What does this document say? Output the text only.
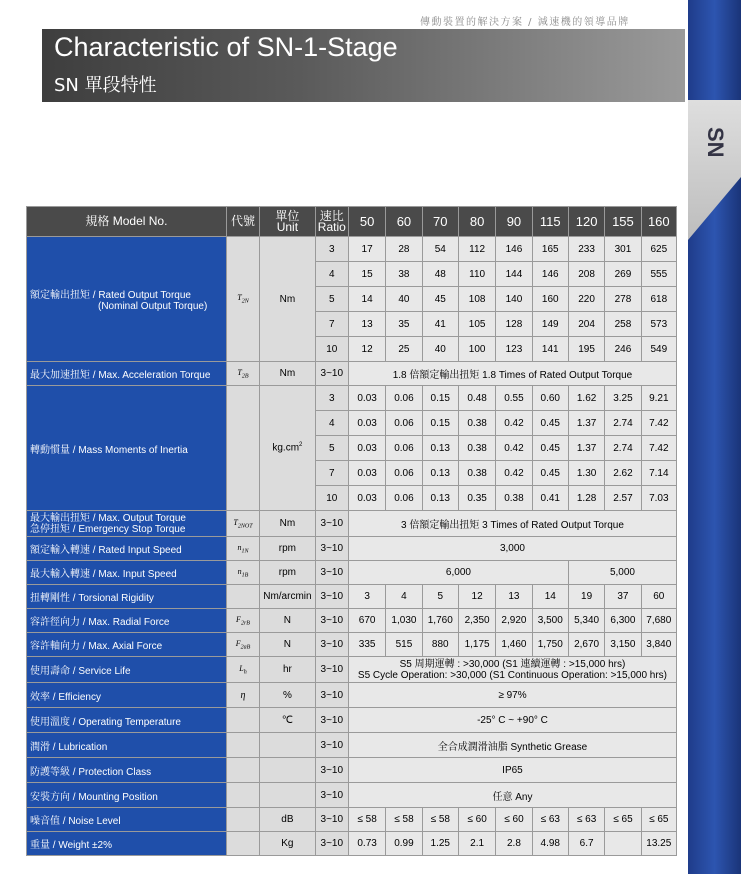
SN
傳動裝置的解決方案 / 減速機的領導品牌
Characteristic of SN-1-Stage
SN 單段特性
規格 Model No.	代號	單位
Unit	速比
Ratio	50	60	70	80	90	115	120	155	160
額定輸出扭矩 / Rated Output Torque
(Nominal Output Torque)	$T_{2N}$	Nm	3	17	28	54	112	146	165	233	301	625
			4	15	38	48	110	144	146	208	269	555
			5	14	40	45	108	140	160	220	278	618
			7	13	35	41	105	128	149	204	258	573
			10	12	25	40	100	123	141	195	246	549
最大加速扭矩 / Max. Acceleration Torque	$T_{2B}$	Nm	3~10	1.8 倍額定輸出扭矩 1.8 Times of Rated Output Torque								
轉動慣量 / Mass Moments of Inertia		$kg.cm^2$	3	0.03	0.06	0.15	0.48	0.55	0.60	1.62	3.25	9.21
			4	0.03	0.06	0.15	0.38	0.42	0.45	1.37	2.74	7.42
			5	0.03	0.06	0.13	0.38	0.42	0.45	1.37	2.74	7.42
			7	0.03	0.06	0.13	0.38	0.42	0.45	1.30	2.62	7.14
			10	0.03	0.06	0.13	0.35	0.38	0.41	1.28	2.57	7.03
最大輸出扭矩 / Max. Output Torque
急停扭矩 / Emergency Stop Torque	$T_{2NOT}$	Nm	3~10	3 倍額定輸出扭矩 3 Times of Rated Output Torque								
額定輸入轉速 / Rated Input Speed	$n_{1N}$	rpm	3~10	3,000								
最大輸入轉速 / Max. Input Speed	$n_{1B}$	rpm	3~10	6,000						5,000		
扭轉剛性 / Torsional Rigidity		Nm/arcmin	3~10	3	4	5	12	13	14	19	37	60
容許徑向力 / Max. Radial Force	$F_{2rB}$	N	3~10	670	1,030	1,760	2,350	2,920	3,500	5,340	6,300	7,680
容許軸向力 / Max. Axial Force	$F_{2aB}$	N	3~10	335	515	880	1,175	1,460	1,750	2,670	3,150	3,840
使用壽命 / Service Life	$L_h$	hr	3~10	S5 周期運轉 : >30,000 (S1 連續運轉 : >15,000 hrs)
S5 Cycle Operation: >30,000 (S1 Continuous Operation: >15,000 hrs)								
效率 / Efficiency	η	%	3~10	≥ 97%								
使用溫度 / Operating Temperature		℃	3~10	-25° C ~ +90° C								
潤滑 / Lubrication			3~10	全合成潤滑油脂 Synthetic Grease								
防護等級 / Protection Class			3~10	IP65								
安裝方向 / Mounting Position			3~10	任意 Any								
噪音值 / Noise Level		dB	3~10	≤ 58	≤ 58	≤ 58	≤ 60	≤ 60	≤ 63	≤ 63	≤ 65	≤ 65
重量 / Weight ±2%		Kg	3~10	0.73	0.99	1.25	2.1	2.8	4.98	6.7		13.25
